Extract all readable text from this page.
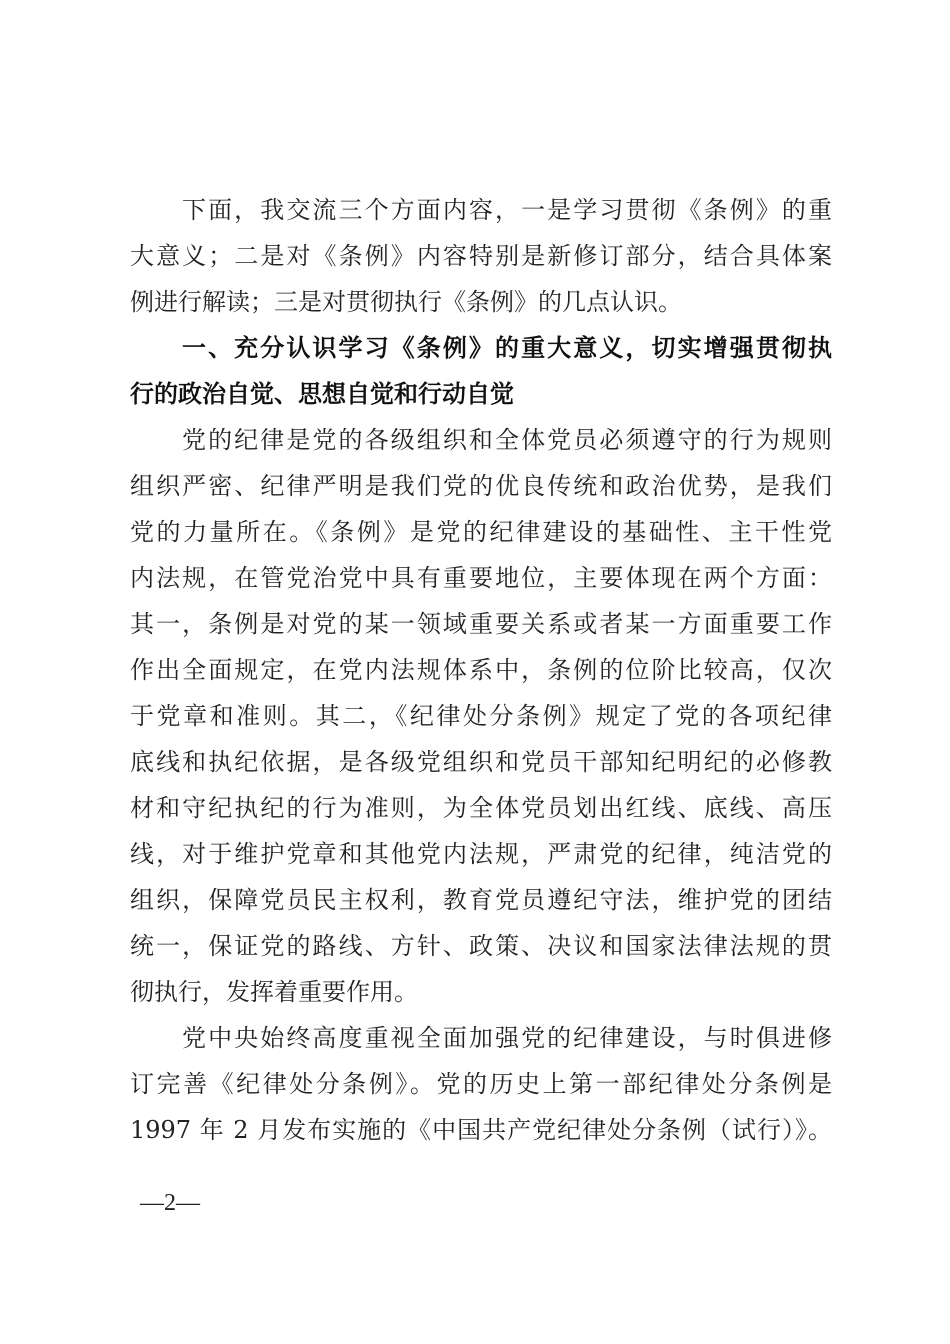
下面，我交流三个方面内容，一是学习贯彻《条例》的重
大意义；二是对《条例》内容特别是新修订部分，结合具体案
例进行解读；三是对贯彻执行《条例》的几点认识。
一、充分认识学习《条例》的重大意义，切实增强贯彻执
行的政治自觉、思想自觉和行动自觉
党的纪律是党的各级组织和全体党员必须遵守的行为规则
组织严密、纪律严明是我们党的优良传统和政治优势，是我们
党的力量所在。《条例》是党的纪律建设的基础性、主干性党
内法规，在管党治党中具有重要地位，主要体现在两个方面：
其一，条例是对党的某一领域重要关系或者某一方面重要工作
作出全面规定，在党内法规体系中，条例的位阶比较高，仅次
于党章和准则。其二，《纪律处分条例》规定了党的各项纪律
底线和执纪依据，是各级党组织和党员干部知纪明纪的必修教
材和守纪执纪的行为准则，为全体党员划出红线、底线、高压
线，对于维护党章和其他党内法规，严肃党的纪律，纯洁党的
组织，保障党员民主权利，教育党员遵纪守法，维护党的团结
统一，保证党的路线、方针、政策、决议和国家法律法规的贯
彻执行，发挥着重要作用。
党中央始终高度重视全面加强党的纪律建设，与时俱进修
订完善《纪律处分条例》。党的历史上第一部纪律处分条例是
1997 年 2 月发布实施的《中国共产党纪律处分条例（试行）》。
—2—
